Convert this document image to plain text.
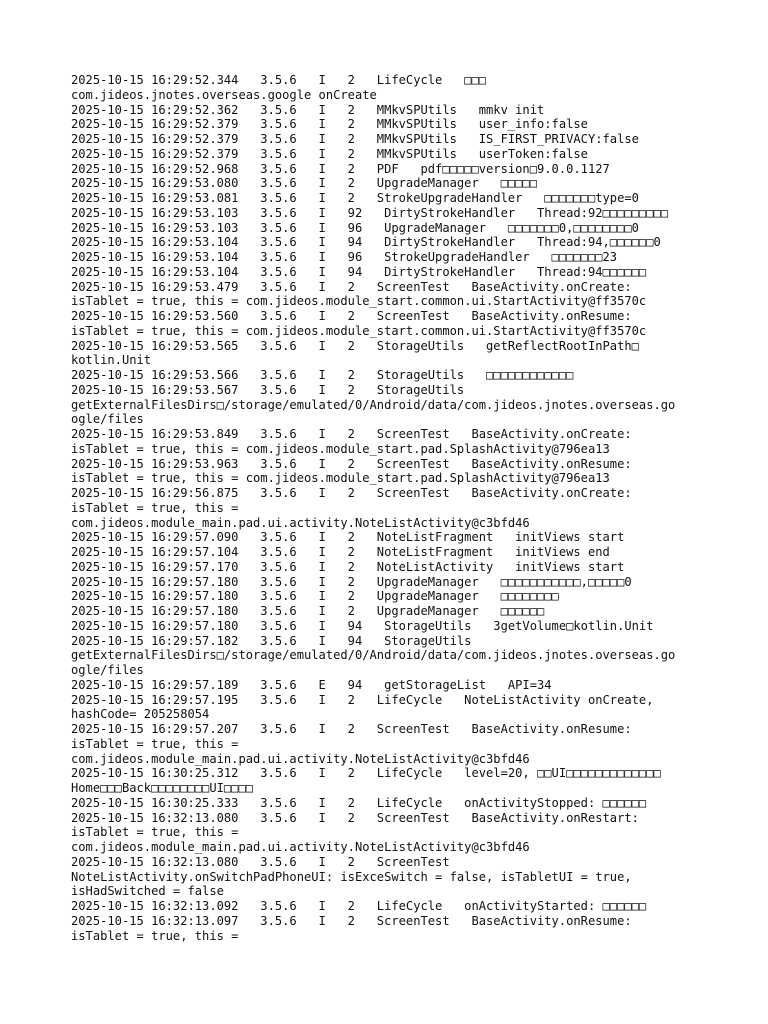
2025-10-15 16:29:52.344   3.5.6   I   2   LifeCycle   □□□
com.jideos.jnotes.overseas.google onCreate
2025-10-15 16:29:52.362   3.5.6   I   2   MMkvSPUtils   mmkv init
2025-10-15 16:29:52.379   3.5.6   I   2   MMkvSPUtils   user_info:false
2025-10-15 16:29:52.379   3.5.6   I   2   MMkvSPUtils   IS_FIRST_PRIVACY:false
2025-10-15 16:29:52.379   3.5.6   I   2   MMkvSPUtils   userToken:false
2025-10-15 16:29:52.968   3.5.6   I   2   PDF   pdf□□□□□version□9.0.0.1127
2025-10-15 16:29:53.080   3.5.6   I   2   UpgradeManager   □□□□□
2025-10-15 16:29:53.081   3.5.6   I   2   StrokeUpgradeHandler   □□□□□□□type=0
2025-10-15 16:29:53.103   3.5.6   I   92   DirtyStrokeHandler   Thread:92□□□□□□□□□
2025-10-15 16:29:53.103   3.5.6   I   96   UpgradeManager   □□□□□□□0,□□□□□□□□0
2025-10-15 16:29:53.104   3.5.6   I   94   DirtyStrokeHandler   Thread:94,□□□□□□0
2025-10-15 16:29:53.104   3.5.6   I   96   StrokeUpgradeHandler   □□□□□□□23
2025-10-15 16:29:53.104   3.5.6   I   94   DirtyStrokeHandler   Thread:94□□□□□□
2025-10-15 16:29:53.479   3.5.6   I   2   ScreenTest   BaseActivity.onCreate:
isTablet = true, this = com.jideos.module_start.common.ui.StartActivity@ff3570c
2025-10-15 16:29:53.560   3.5.6   I   2   ScreenTest   BaseActivity.onResume:
isTablet = true, this = com.jideos.module_start.common.ui.StartActivity@ff3570c
2025-10-15 16:29:53.565   3.5.6   I   2   StorageUtils   getReflectRootInPath□
kotlin.Unit
2025-10-15 16:29:53.566   3.5.6   I   2   StorageUtils   □□□□□□□□□□□□
2025-10-15 16:29:53.567   3.5.6   I   2   StorageUtils
getExternalFilesDirs□/storage/emulated/0/Android/data/com.jideos.jnotes.overseas.go
ogle/files
2025-10-15 16:29:53.849   3.5.6   I   2   ScreenTest   BaseActivity.onCreate:
isTablet = true, this = com.jideos.module_start.pad.SplashActivity@796ea13
2025-10-15 16:29:53.963   3.5.6   I   2   ScreenTest   BaseActivity.onResume:
isTablet = true, this = com.jideos.module_start.pad.SplashActivity@796ea13
2025-10-15 16:29:56.875   3.5.6   I   2   ScreenTest   BaseActivity.onCreate:
isTablet = true, this =
com.jideos.module_main.pad.ui.activity.NoteListActivity@c3bfd46
2025-10-15 16:29:57.090   3.5.6   I   2   NoteListFragment   initViews start
2025-10-15 16:29:57.104   3.5.6   I   2   NoteListFragment   initViews end
2025-10-15 16:29:57.170   3.5.6   I   2   NoteListActivity   initViews start
2025-10-15 16:29:57.180   3.5.6   I   2   UpgradeManager   □□□□□□□□□□□,□□□□□0
2025-10-15 16:29:57.180   3.5.6   I   2   UpgradeManager   □□□□□□□□
2025-10-15 16:29:57.180   3.5.6   I   2   UpgradeManager   □□□□□□
2025-10-15 16:29:57.180   3.5.6   I   94   StorageUtils   3getVolume□kotlin.Unit
2025-10-15 16:29:57.182   3.5.6   I   94   StorageUtils
getExternalFilesDirs□/storage/emulated/0/Android/data/com.jideos.jnotes.overseas.go
ogle/files
2025-10-15 16:29:57.189   3.5.6   E   94   getStorageList   API=34
2025-10-15 16:29:57.195   3.5.6   I   2   LifeCycle   NoteListActivity onCreate,
hashCode= 205258054
2025-10-15 16:29:57.207   3.5.6   I   2   ScreenTest   BaseActivity.onResume:
isTablet = true, this =
com.jideos.module_main.pad.ui.activity.NoteListActivity@c3bfd46
2025-10-15 16:30:25.312   3.5.6   I   2   LifeCycle   level=20, □□UI□□□□□□□□□□□□□
Home□□□Back□□□□□□□□UI□□□□
2025-10-15 16:30:25.333   3.5.6   I   2   LifeCycle   onActivityStopped: □□□□□□
2025-10-15 16:32:13.080   3.5.6   I   2   ScreenTest   BaseActivity.onRestart:
isTablet = true, this =
com.jideos.module_main.pad.ui.activity.NoteListActivity@c3bfd46
2025-10-15 16:32:13.080   3.5.6   I   2   ScreenTest
NoteListActivity.onSwitchPadPhoneUI: isExceSwitch = false, isTabletUI = true,
isHadSwitched = false
2025-10-15 16:32:13.092   3.5.6   I   2   LifeCycle   onActivityStarted: □□□□□□
2025-10-15 16:32:13.097   3.5.6   I   2   ScreenTest   BaseActivity.onResume:
isTablet = true, this =
